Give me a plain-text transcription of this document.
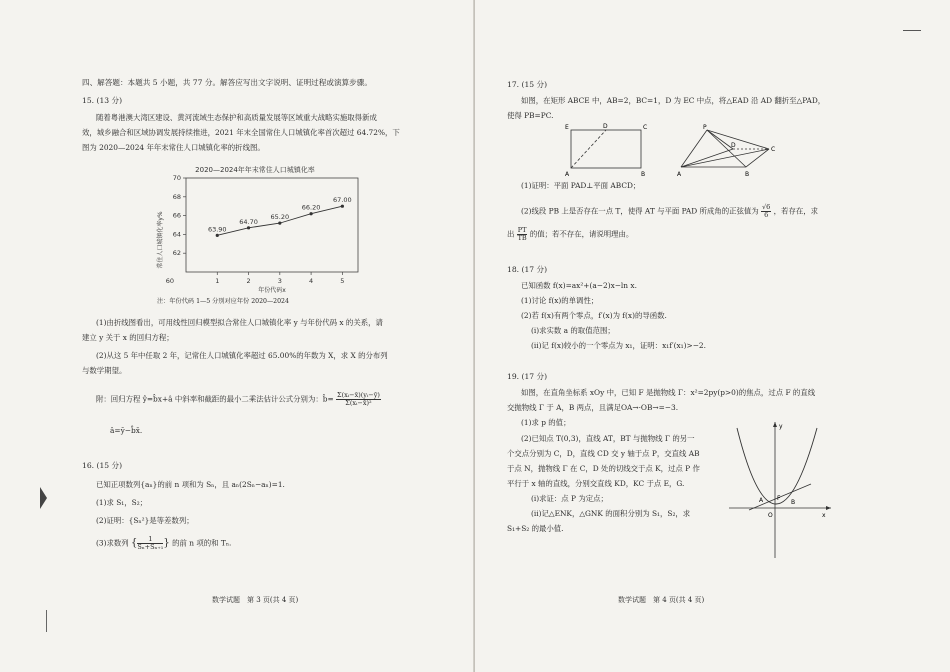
四、解答题：本题共 5 小题，共 77 分。解答应写出文字说明、证明过程或演算步骤。
15. (13 分)
随着粤港澳大湾区建设、黄河流域生态保护和高质量发展等区域重大战略实施取得新成
效，城乡融合和区域协调发展持续推进，2021 年末全国常住人口城镇化率首次超过 64.72%，下
图为 2020—2024 年年末常住人口城镇化率的折线图。
2020—2024年年末常住人口城镇化率
常住人口城镇化率y%
年份代码x
1	2	3	4	5
62
64
66
68
70
60
63.90
64.70
65.20
66.20
67.00
注：年份代码 1—5 分别对应年份 2020—2024
(1)由折线图看出，可用线性回归模型拟合常住人口城镇化率 y 与年份代码 x 的关系，请
建立 y 关于 x 的回归方程；
(2)从这 5 年中任取 2 年，记常住人口城镇化率超过 65.00%的年数为 X，求 X 的分布列
与数学期望。
附：回归方程 ŷ=b̂x+â 中斜率和截距的最小二乘法估计公式分别为：b̂= $\frac{\text{Σ(xᵢ−x̄)(yᵢ−ȳ)}}{\text{Σ(xᵢ−x̄)²}}$
â=ȳ−b̂x̄.
16. (15 分)
已知正项数列{aₙ}的前 n 项和为 Sₙ，且 aₙ(2Sₙ−aₙ)=1.
(1)求 S₁，S₂；
(2)证明：{Sₙ²}是等差数列；
(3)求数列 { $\frac{1}{\text{Sₙ+Sₙ₊₁}}$ } 的前 n 项的和 Tₙ.
数学试题　第 3 页(共 4 页)
17. (15 分)
如图，在矩形 ABCE 中，AB=2，BC=1，D 为 EC 中点，将△EAD 沿 AD 翻折至△PAD，
使得 PB=PC.
E	D	C
A	B
P
D
C
A	B
(1)证明：平面 PAD⊥平面 ABCD；
(2)线段 PB 上是否存在一点 T，使得 AT 与平面 PAD 所成角的正弦值为 $\frac{√6}{6}$ ，若存在，求
出 $\frac{PT}{TB}$ 的值；若不存在，请说明理由。
18. (17 分)
已知函数 f(x)=ax²+(a−2)x−ln x.
(1)讨论 f(x)的单调性；
(2)若 f(x)有两个零点，f′(x)为 f(x)的导函数.
(i)求实数 a 的取值范围；
(ii)记 f(x)较小的一个零点为 x₁，证明：x₁f′(x₁)>−2.
19. (17 分)
如图，在直角坐标系 xOy 中，已知 F 是抛物线 Γ：x²=2py(p>0)的焦点，过点 F 的直线
交抛物线 Γ 于 A，B 两点，且满足OA→·OB→=−3.
(1)求 p 的值；
(2)已知点 T(0,3)，直线 AT，BT 与抛物线 Γ 的另一
个交点分别为 C，D，直线 CD 交 y 轴于点 P，交直线 AB
于点 N，抛物线 Γ 在 C，D 处的切线交于点 K，过点 P 作
平行于 x 轴的直线，分别交直线 KD，KC 于点 E，G.
(i)求证：点 P 为定点；
(ii)记△ENK，△GNK 的面积分别为 S₁，S₂，求
S₁+S₂ 的最小值.
x
y
O
A F
B
数学试题　第 4 页(共 4 页)
